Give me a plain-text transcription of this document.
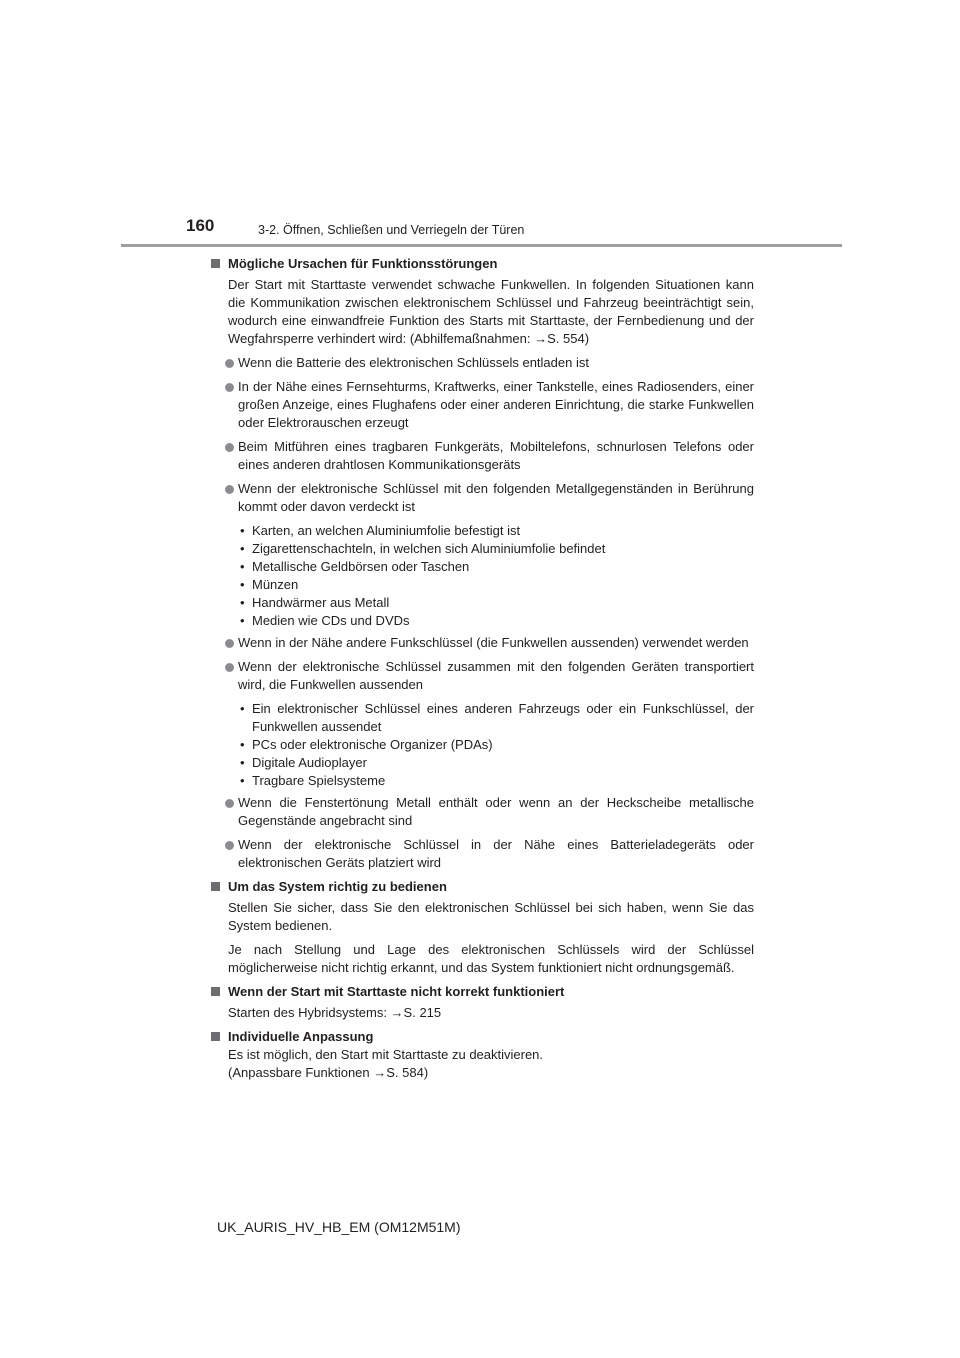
160	3-2. Öffnen, Schließen und Verriegeln der Türen
Mögliche Ursachen für Funktionsstörungen
Der Start mit Starttaste verwendet schwache Funkwellen. In folgenden Situationen kann die Kommunikation zwischen elektronischem Schlüssel und Fahrzeug beeinträchtigt sein, wodurch eine einwandfreie Funktion des Starts mit Starttaste, der Fernbedienung und der Wegfahrsperre verhindert wird: (Abhilfemaßnahmen: →S. 554)
Wenn die Batterie des elektronischen Schlüssels entladen ist
In der Nähe eines Fernsehturms, Kraftwerks, einer Tankstelle, eines Radiosenders, einer großen Anzeige, eines Flughafens oder einer anderen Einrichtung, die starke Funkwellen oder Elektrorauschen erzeugt
Beim Mitführen eines tragbaren Funkgeräts, Mobiltelefons, schnurlosen Telefons oder eines anderen drahtlosen Kommunikationsgeräts
Wenn der elektronische Schlüssel mit den folgenden Metallgegenständen in Berührung kommt oder davon verdeckt ist
• Karten, an welchen Aluminiumfolie befestigt ist
• Zigarettenschachteln, in welchen sich Aluminiumfolie befindet
• Metallische Geldbörsen oder Taschen
• Münzen
• Handwärmer aus Metall
• Medien wie CDs und DVDs
Wenn in der Nähe andere Funkschlüssel (die Funkwellen aussenden) verwendet werden
Wenn der elektronische Schlüssel zusammen mit den folgenden Geräten transportiert wird, die Funkwellen aussenden
• Ein elektronischer Schlüssel eines anderen Fahrzeugs oder ein Funkschlüssel, der Funkwellen aussendet
• PCs oder elektronische Organizer (PDAs)
• Digitale Audioplayer
• Tragbare Spielsysteme
Wenn die Fenstertönung Metall enthält oder wenn an der Heckscheibe metallische Gegenstände angebracht sind
Wenn der elektronische Schlüssel in der Nähe eines Batterieladegeräts oder elektronischen Geräts platziert wird
Um das System richtig zu bedienen
Stellen Sie sicher, dass Sie den elektronischen Schlüssel bei sich haben, wenn Sie das System bedienen.
Je nach Stellung und Lage des elektronischen Schlüssels wird der Schlüssel möglicherweise nicht richtig erkannt, und das System funktioniert nicht ordnungsgemäß.
Wenn der Start mit Starttaste nicht korrekt funktioniert
Starten des Hybridsystems: →S. 215
Individuelle Anpassung
Es ist möglich, den Start mit Starttaste zu deaktivieren.
(Anpassbare Funktionen →S. 584)
UK_AURIS_HV_HB_EM (OM12M51M)
